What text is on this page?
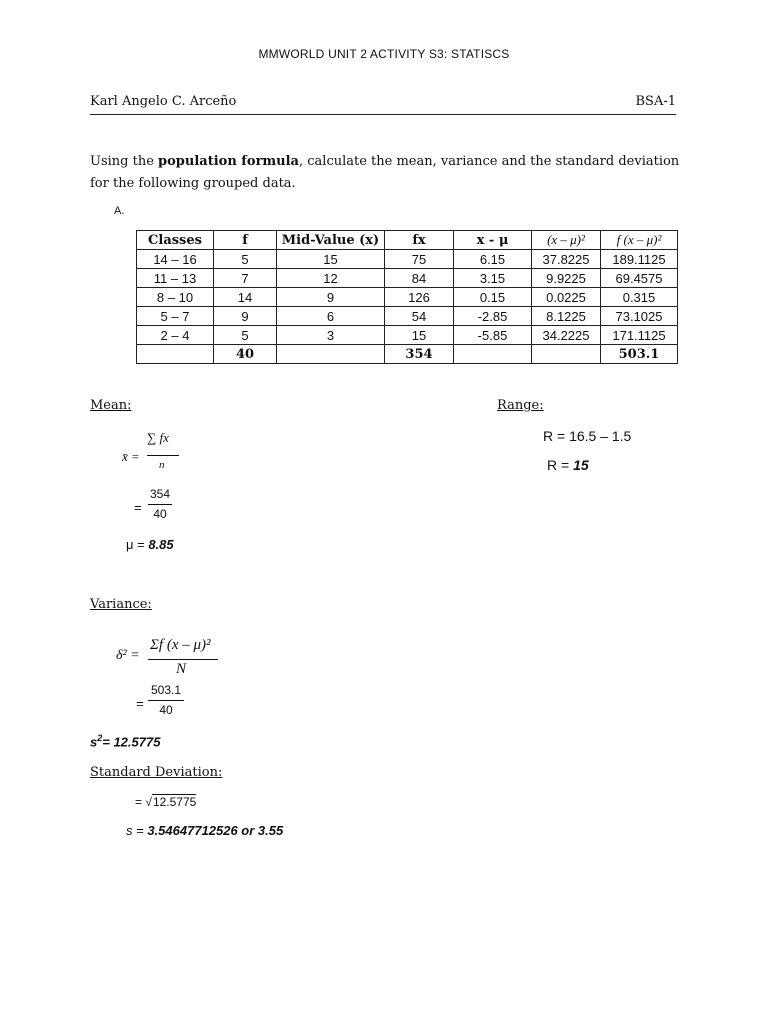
MMWORLD UNIT 2 ACTIVITY S3: STATISCS
Karl Angelo C. Arceño	BSA-1
Using the population formula, calculate the mean, variance and the standard deviation for the following grouped data.
A.
Classes	f	Mid-Value (x)	fx	x - μ	(x – μ)²	f (x – μ)²
14 – 16	5	15	75	6.15	37.8225	189.1125
11 – 13	7	12	84	3.15	9.9225	69.4575
8 – 10	14	9	126	0.15	0.0225	0.315
5 – 7	9	6	54	-2.85	8.1225	73.1025
2 – 4	5	3	15	-5.85	34.2225	171.1125
	40		354			503.1
Mean:
x̄ =
∑ fx
n
=
354
40
μ = 8.85
Range:
R = 16.5 – 1.5
R = 15
Variance:
δ² =
Σf (x – μ)²
N
=
503.1
40
$s^2= 12.5775$
Standard Deviation:
= √12.5775
s = 3.54647712526 or 3.55
